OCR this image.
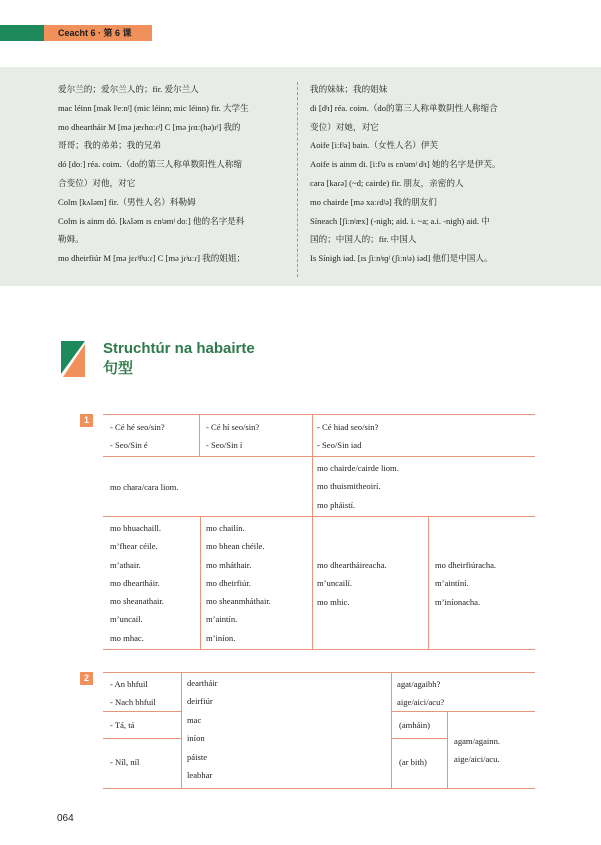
Ceacht 6 · 第 6 课
爱尔兰的；爱尔兰人的；fir. 爱尔兰人
mac léinn [mak lʲeːnʲ] (mic léinn; mic léinn) fir. 大学生
mo dheartháir M [mə jæɾhɑːɾʲ] C [mə jɾɑː(hə)ɾʲ] 我的
哥哥；我的弟弟；我的兄弟
dó [doː] réa. coim.（do的第三人称单数阳性人称缩
合变位）对他，对它
Colm [kʌləm] fir.（男性人名）科勒姆
Colm is ainm dó. [kʌləm ɪs ɛnʲəmʲ doː] 他的名字是科
勒姆。
mo dheirfiúr M [mə jɛɾʲfʲuːɾ] C [mə jɾʲuːɾ] 我的姐姐；
我的妹妹；我的姐妹
di [dʲɪ] réa. coim.（do的第三人称单数阴性人称缩合
变位）对她，对它
Aoife [iːfʲə] bain.（女性人名）伊芙
Aoife is ainm di. [iːfʲə ɪs ɛnʲəmʲ dʲɪ] 她的名字是伊芙。
cara [kaɾə] (~d; cairde) fir. 朋友，亲密的人
mo chairde [mə xaːɾdʲə] 我的朋友们
Síneach [ʃiːnʲæx] (-nigh; aid. i. ~a; a.i. -nigh) aid. 中
国的；中国人的；fir. 中国人
Is Sínigh iad. [ɪs ʃiːnʲɪɡʲ (ʃiːnʲə) iəd] 他们是中国人。
Struchtúr na habairte
句型
1
- Cé hé seo/sin?
- Seo/Sin é
- Cé hí seo/sin?
- Seo/Sin í
- Cé hiad seo/sin?
- Seo/Sin iad
mo chara/cara liom.
mo chairde/cairde liom.
mo thuismitheoirí.
mo pháistí.
mo bhuachaill.
m’fhear céile.
m’athair.
mo dheartháir.
mo sheanathair.
m’uncail.
mo mhac.
mo chailín.
mo bhean chéile.
mo mháthair.
mo dheirfiúr.
mo sheanmháthair.
m’aintín.
m’iníon.
mo dheartháireacha.
m’uncailí.
mo mhic.
mo dheirfiúracha.
m’aintíní.
m’iníonacha.
2
- An bhfuil
- Nach bhfuil
deartháir
deirfiúr
agat/agaibh?
aige/aici/acu?
- Tá, tá
- Níl, níl
mac
iníon
páiste
leabhar
(amháin)
(ar bith)
agam/againn.
aige/aici/acu.
064
